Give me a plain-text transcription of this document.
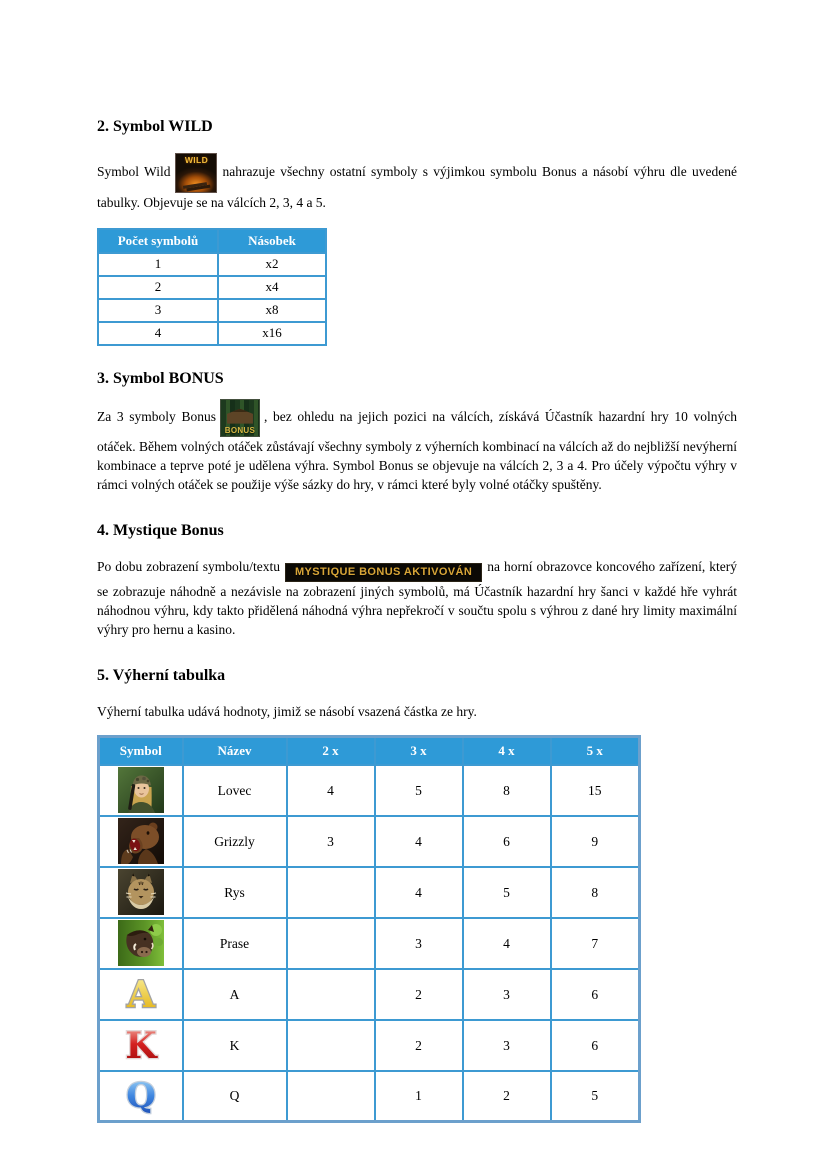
2. Symbol WILD

Symbol Wild
WILD
nahrazuje všechny ostatní symboly s výjimkou symbolu Bonus a násobí výhru dle uvedené tabulky. Objevuje se na válcích 2, 3, 4 a 5.

Počet symbolů	Násobek
1	x2
2	x4
3	x8
4	x16
3. Symbol BONUS

Za 3 symboly Bonus
BONUS
, bez ohledu na jejich pozici na válcích, získává Účastník hazardní hry 10 volných otáček. Během volných otáček zůstávají všechny symboly z výherních kombinací na válcích až do nejbližší nevýherní kombinace a teprve poté je udělena výhra. Symbol Bonus se objevuje na válcích 2, 3 a 4. Pro účely výpočtu výhry v rámci volných otáček se použije výše sázky do hry, v rámci které byly volné otáčky spuštěny.

4. Mystique Bonus

Po dobu zobrazení symbolu/textu MYSTIQUE BONUS AKTIVOVÁN na horní obrazovce koncového zařízení, který se zobrazuje náhodně a nezávisle na zobrazení jiných symbolů, má Účastník hazardní hry šanci v každé hře vyhrát náhodnou výhru, kdy takto přidělená náhodná výhra nepřekročí v součtu spolu s výhrou z dané hry limity maximální výhry pro hernu a kasino.

5. Výherní tabulka

Výherní tabulka udává hodnoty, jimiž se násobí vsazená částka ze hry.

Symbol	Název	2 x	3 x	4 x	5 x

	Lovec	4	5	8	15

	Grizzly	3	4	6	9

	Rys		4	5	8

	Prase		3	4	7

A	A		2	3	6

K	K		2	3	6

Q	Q		1	2	5
